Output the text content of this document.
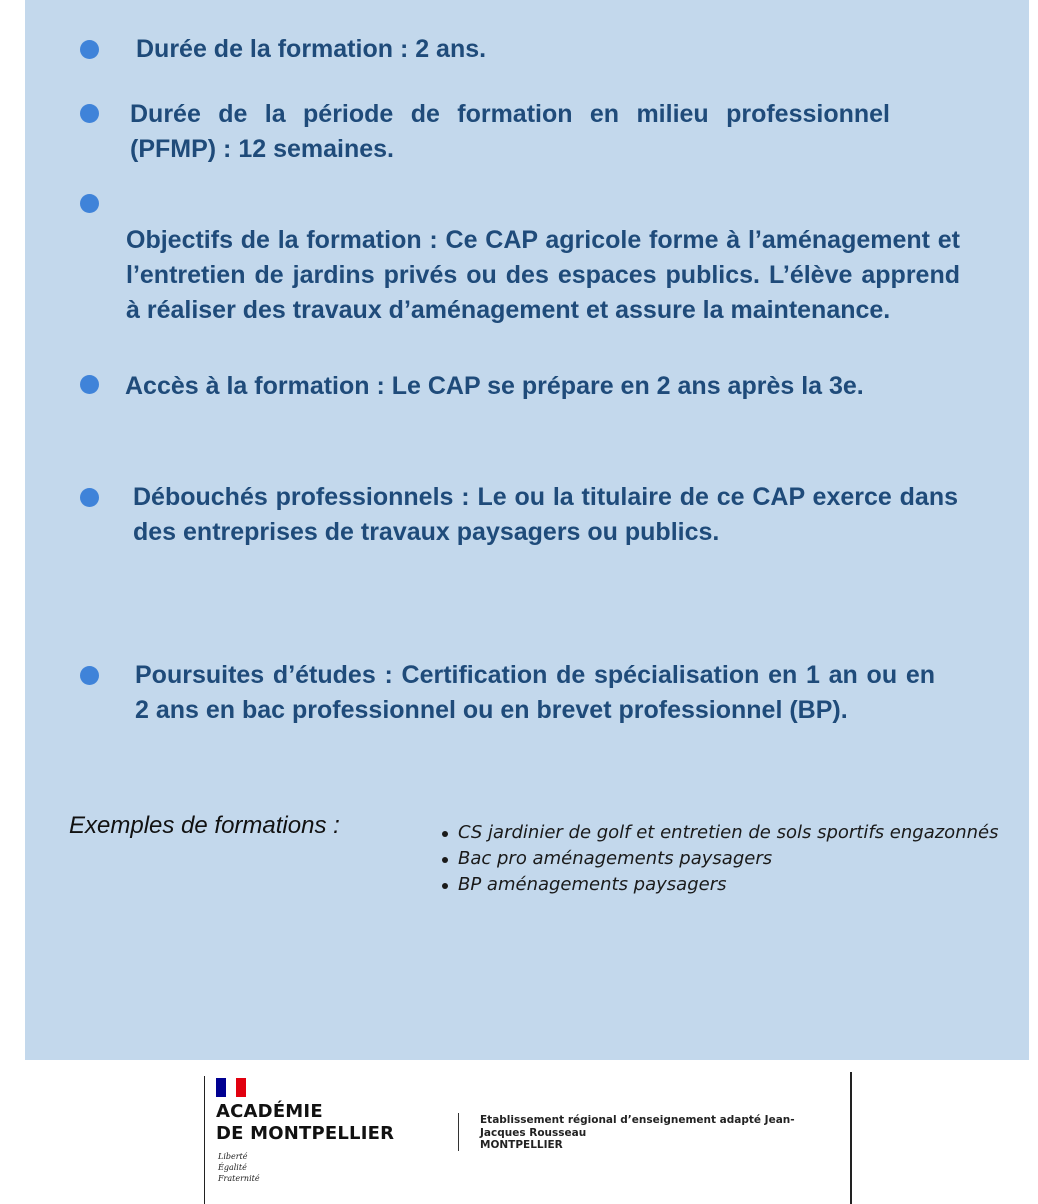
Durée de la formation : 2 ans.

Durée de la période de formation en milieu professionnel (PFMP) : 12 semaines.

Objectifs de la formation : Ce CAP agricole forme à l’aménagement et l’entretien de jardins privés ou des espaces publics. L’élève apprend à réaliser des travaux d’aménagement et assure la maintenance.

Accès à la formation : Le CAP se prépare en 2 ans après la 3e.

Débouchés professionnels : Le ou la titulaire de ce CAP exerce dans des entreprises de travaux paysagers ou publics.

Poursuites d’études : Certification de spécialisation en 1 an ou en 2 ans en bac professionnel ou en brevet professionnel (BP).

Exemples de formations :	CS jardinier de golf et entretien de sols sportifs engazonnés
Bac pro aménagements paysagers
BP aménagements paysagers

ACADÉMIE

DE MONTPELLIER

Liberté
Égalité
Fraternité

Etablissement régional d’enseignement adapté Jean-Jacques Rousseau

MONTPELLIER
